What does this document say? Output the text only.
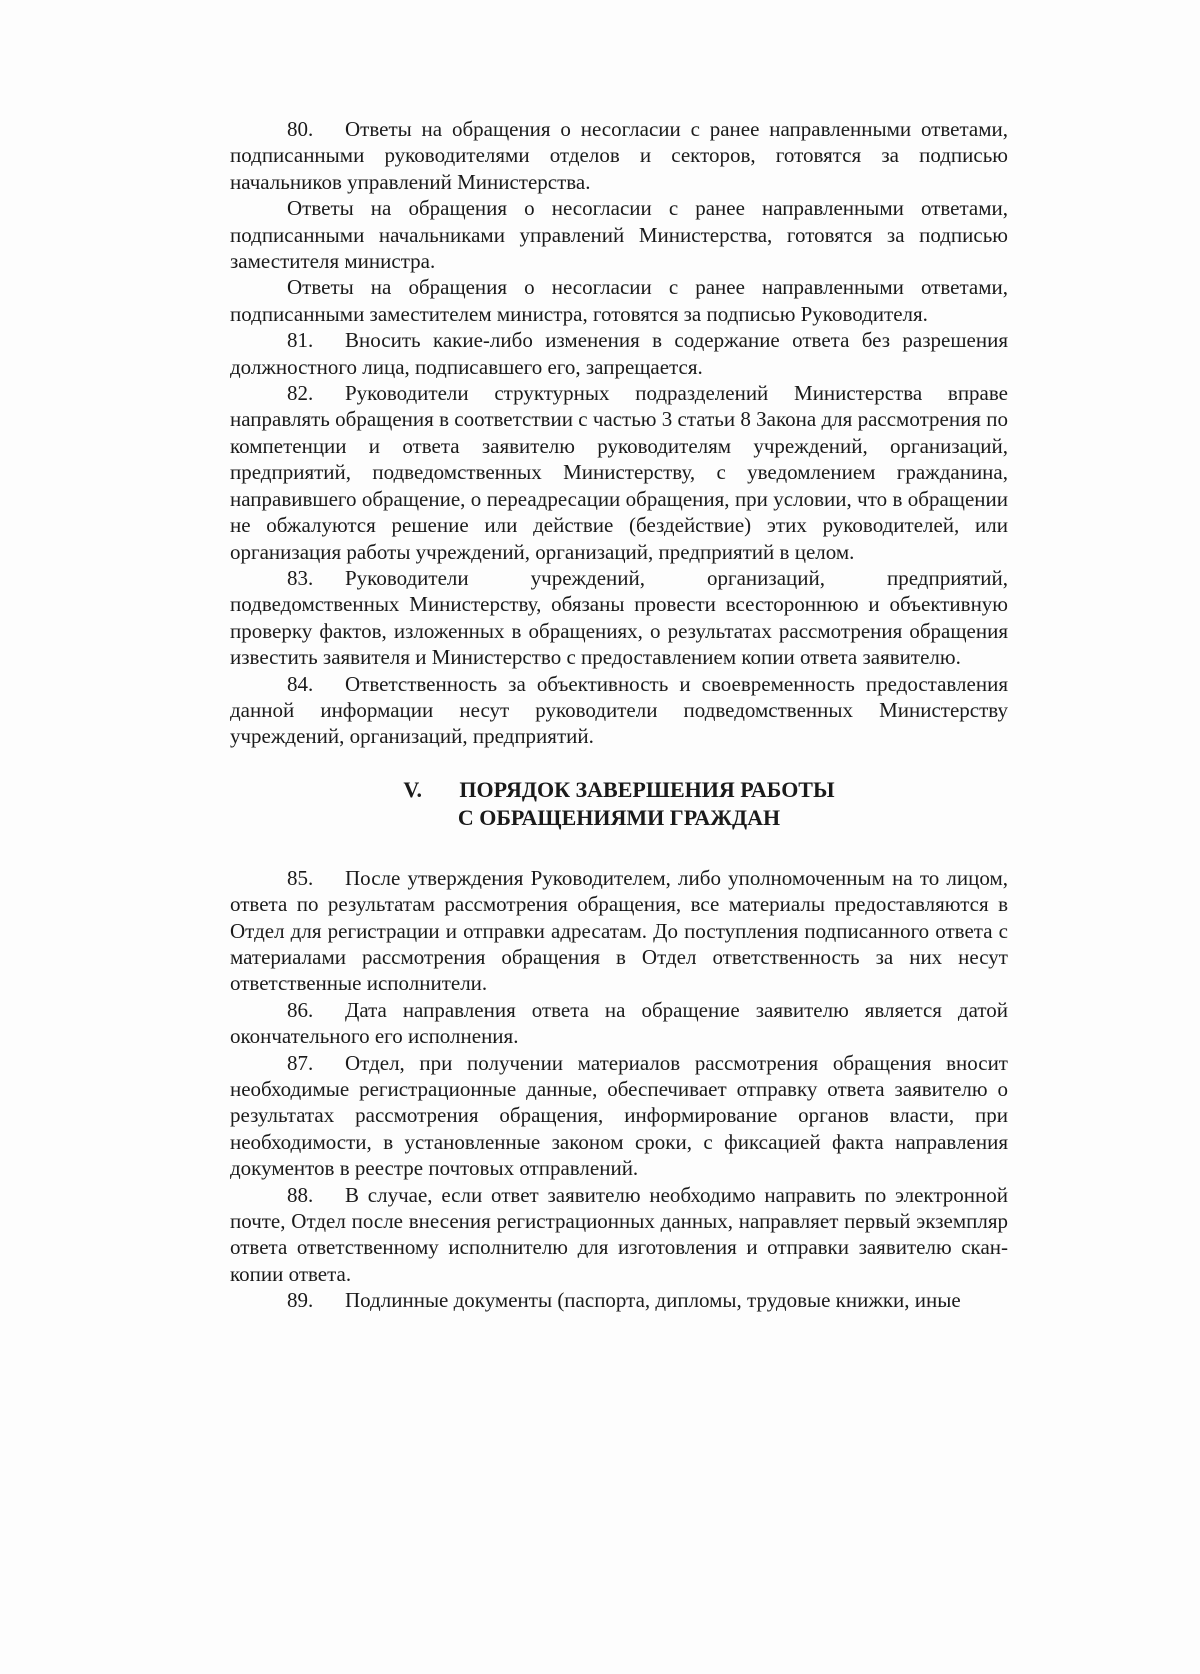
80. Ответы на обращения о несогласии с ранее направленными ответами, подписанными руководителями отделов и секторов, готовятся за подписью начальников управлений Министерства.

Ответы на обращения о несогласии с ранее направленными ответами, подписанными начальниками управлений Министерства, готовятся за подписью заместителя министра.

Ответы на обращения о несогласии с ранее направленными ответами, подписанными заместителем министра, готовятся за подписью Руководителя.

81. Вносить какие-либо изменения в содержание ответа без разрешения должностного лица, подписавшего его, запрещается.

82. Руководители структурных подразделений Министерства вправе направлять обращения в соответствии с частью 3 статьи 8 Закона для рассмотрения по компетенции и ответа заявителю руководителям учреждений, организаций, предприятий, подведомственных Министерству, с уведомлением гражданина, направившего обращение, о переадресации обращения, при условии, что в обращении не обжалуются решение или действие (бездействие) этих руководителей, или организация работы учреждений, организаций, предприятий в целом.

83. Руководители учреждений, организаций, предприятий, подведомственных Министерству, обязаны провести всестороннюю и объективную проверку фактов, изложенных в обращениях, о результатах рассмотрения обращения известить заявителя и Министерство с предоставлением копии ответа заявителю.

84. Ответственность за объективность и своевременность предоставления данной информации несут руководители подведомственных Министерству учреждений, организаций, предприятий.

V. ПОРЯДОК ЗАВЕРШЕНИЯ РАБОТЫ
С ОБРАЩЕНИЯМИ ГРАЖДАН

85. После утверждения Руководителем, либо уполномоченным на то лицом, ответа по результатам рассмотрения обращения, все материалы предоставляются в Отдел для регистрации и отправки адресатам. До поступления подписанного ответа с материалами рассмотрения обращения в Отдел ответственность за них несут ответственные исполнители.

86. Дата направления ответа на обращение заявителю является датой окончательного его исполнения.

87. Отдел, при получении материалов рассмотрения обращения вносит необходимые регистрационные данные, обеспечивает отправку ответа заявителю о результатах рассмотрения обращения, информирование органов власти, при необходимости, в установленные законом сроки, с фиксацией факта направления документов в реестре почтовых отправлений.

88. В случае, если ответ заявителю необходимо направить по электронной почте, Отдел после внесения регистрационных данных, направляет первый экземпляр ответа ответственному исполнителю для изготовления и отправки заявителю скан-копии ответа.

89. Подлинные документы (паспорта, дипломы, трудовые книжки, иные
